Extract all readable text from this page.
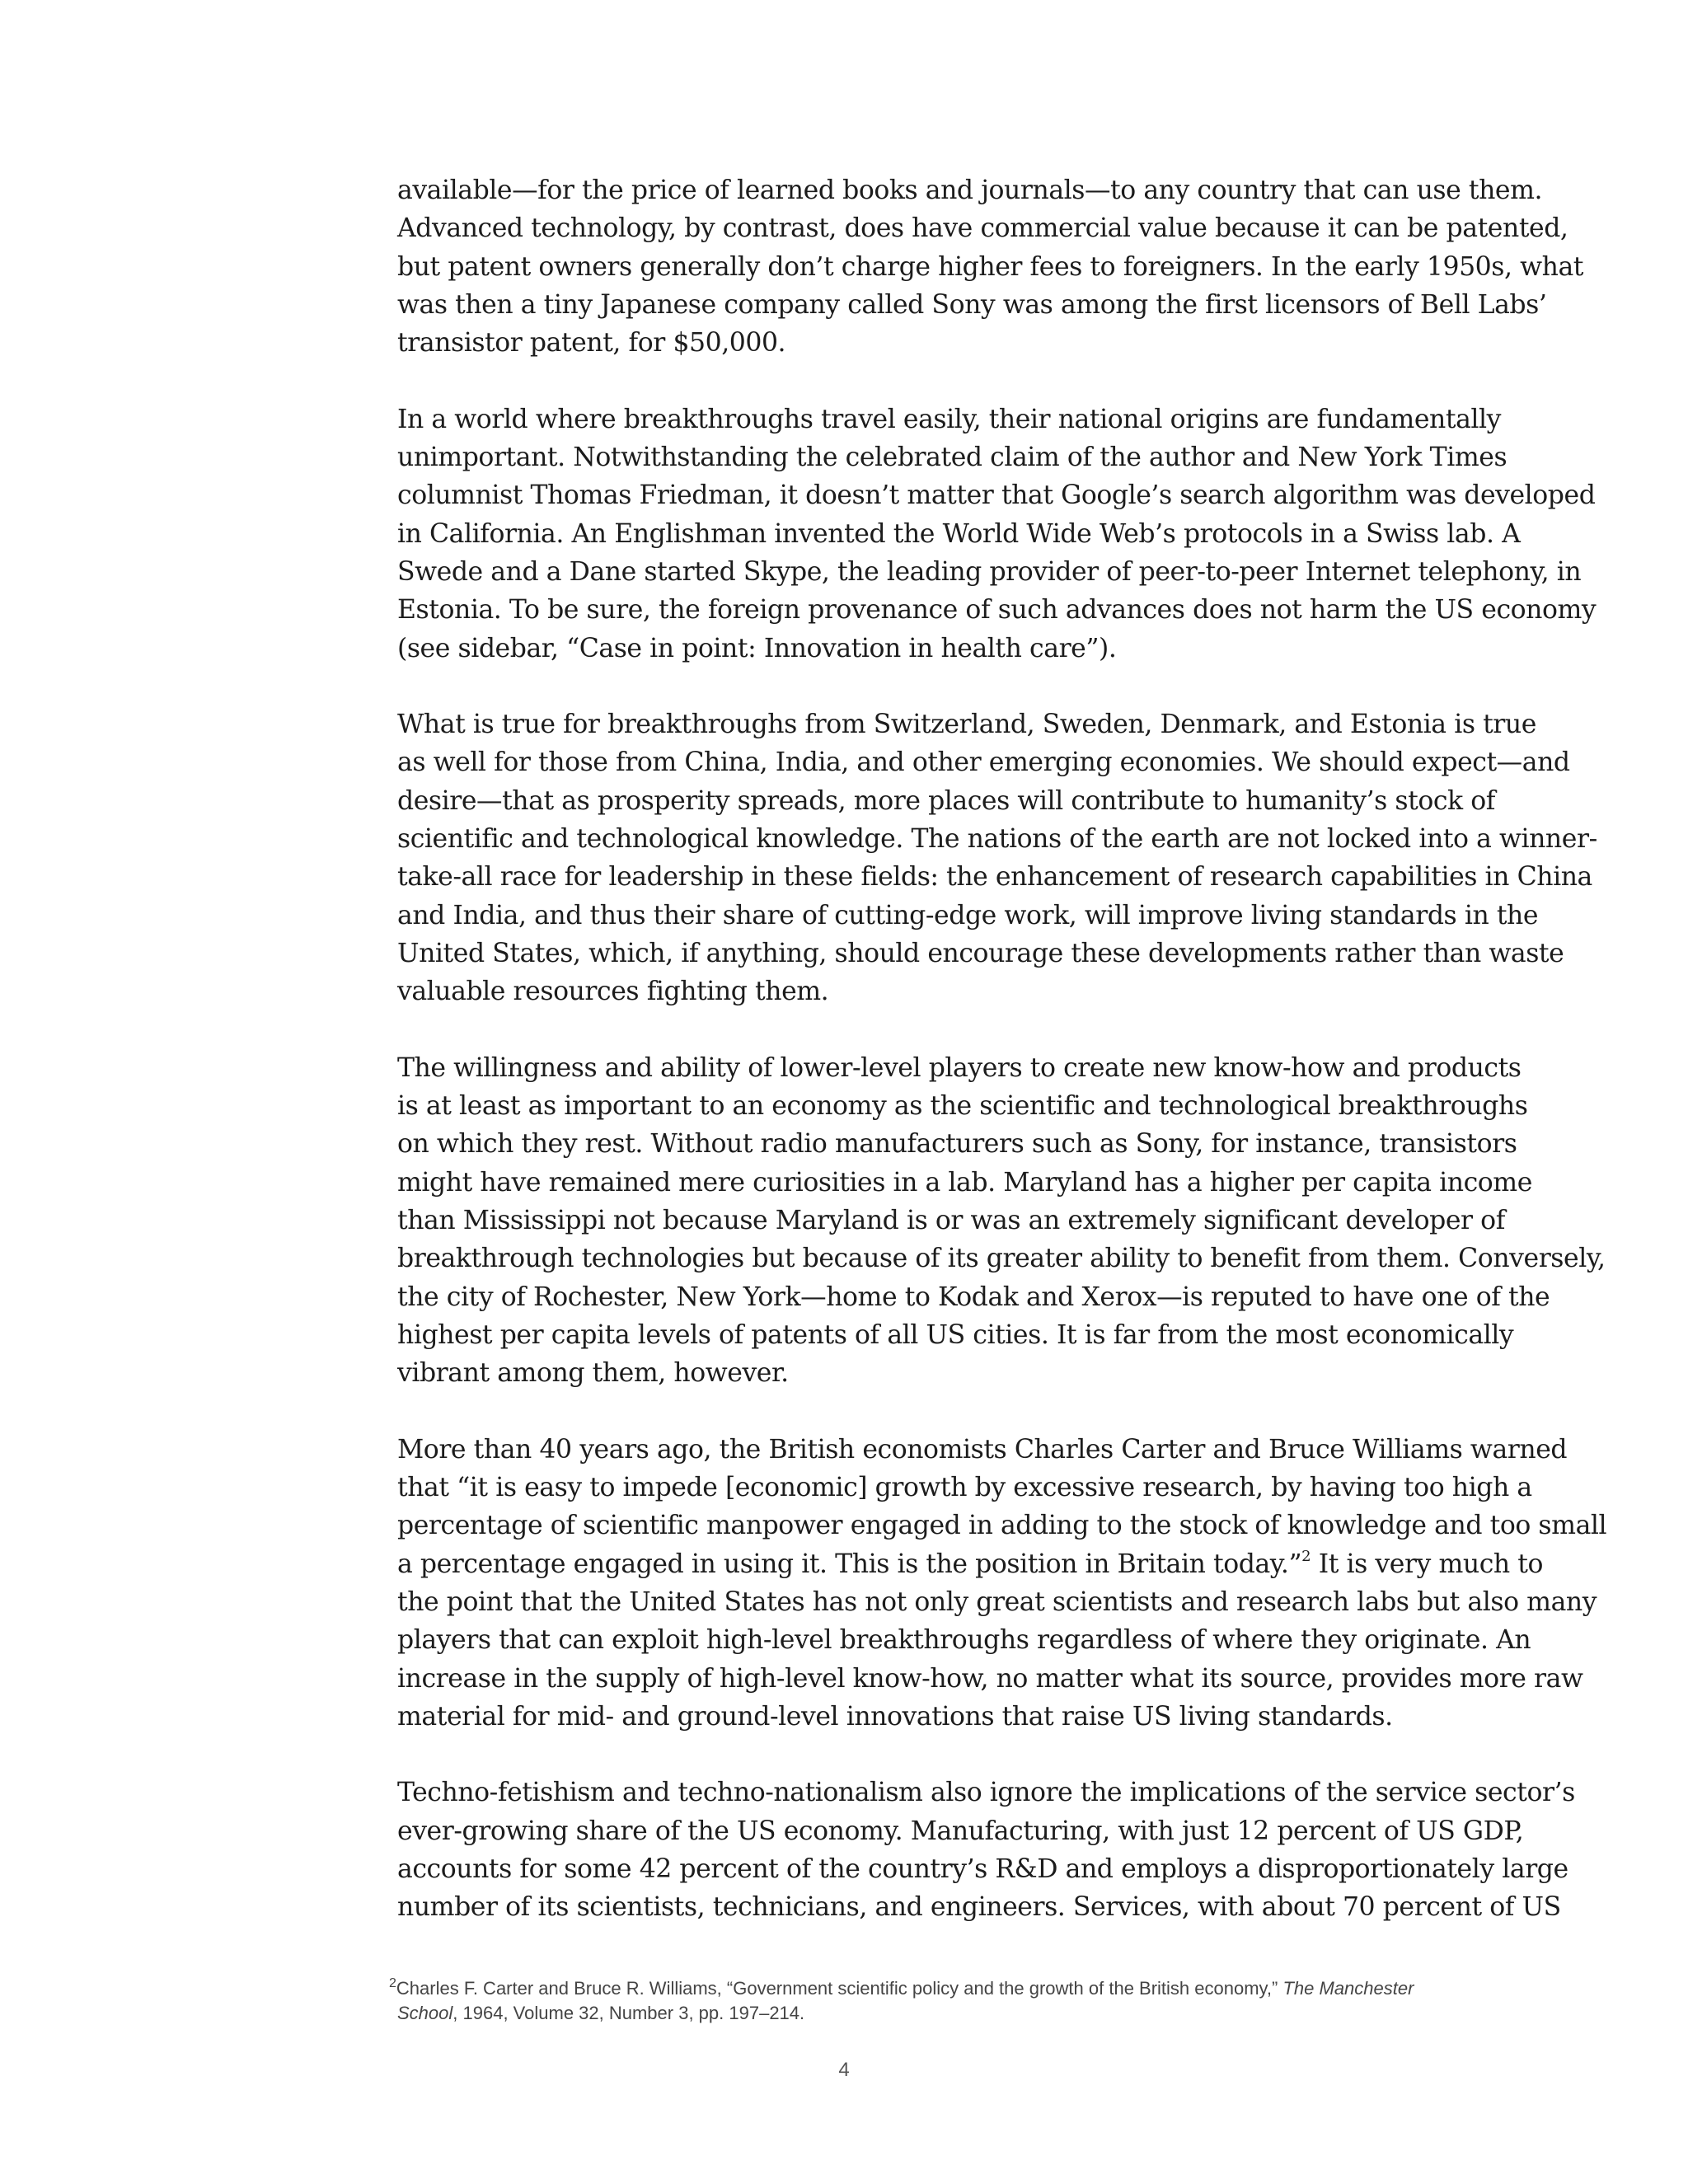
available—for the price of learned books and journals—to any country that can use them.
Advanced technology, by contrast, does have commercial value because it can be patented,
but patent owners generally don’t charge higher fees to foreigners. In the early 1950s, what
was then a tiny Japanese company called Sony was among the first licensors of Bell Labs’
transistor patent, for $50,000.

In a world where breakthroughs travel easily, their national origins are fundamentally
unimportant. Notwithstanding the celebrated claim of the author and New York Times
columnist Thomas Friedman, it doesn’t matter that Google’s search algorithm was developed
in California. An Englishman invented the World Wide Web’s protocols in a Swiss lab. A
Swede and a Dane started Skype, the leading provider of peer-to-peer Internet telephony, in
Estonia. To be sure, the foreign provenance of such advances does not harm the US economy
(see sidebar, “Case in point: Innovation in health care”).

What is true for breakthroughs from Switzerland, Sweden, Denmark, and Estonia is true
as well for those from China, India, and other emerging economies. We should expect—and
desire—that as prosperity spreads, more places will contribute to humanity’s stock of
scientific and technological knowledge. The nations of the earth are not locked into a winner-
take-all race for leadership in these fields: the enhancement of research capabilities in China
and India, and thus their share of cutting-edge work, will improve living standards in the
United States, which, if anything, should encourage these developments rather than waste
valuable resources fighting them.

The willingness and ability of lower-level players to create new know-how and products
is at least as important to an economy as the scientific and technological breakthroughs
on which they rest. Without radio manufacturers such as Sony, for instance, transistors
might have remained mere curiosities in a lab. Maryland has a higher per capita income
than Mississippi not because Maryland is or was an extremely significant developer of
breakthrough technologies but because of its greater ability to benefit from them. Conversely,
the city of Rochester, New York—home to Kodak and Xerox—is reputed to have one of the
highest per capita levels of patents of all US cities. It is far from the most economically
vibrant among them, however.

More than 40 years ago, the British economists Charles Carter and Bruce Williams warned
that “it is easy to impede [economic] growth by excessive research, by having too high a
percentage of scientific manpower engaged in adding to the stock of knowledge and too small
a percentage engaged in using it. This is the position in Britain today.”$^2$ It is very much to
the point that the United States has not only great scientists and research labs but also many
players that can exploit high-level breakthroughs regardless of where they originate. An
increase in the supply of high-level know-how, no matter what its source, provides more raw
material for mid- and ground-level innovations that raise US living standards.

Techno-fetishism and techno-nationalism also ignore the implications of the service sector’s
ever-growing share of the US economy. Manufacturing, with just 12 percent of US GDP,
accounts for some 42 percent of the country’s R&D and employs a disproportionately large
number of its scientists, technicians, and engineers. Services, with about 70 percent of US

$^2$Charles F. Carter and Bruce R. Williams, “Government scientific policy and the growth of the British economy,” The Manchester
School, 1964, Volume 32, Number 3, pp. 197–214.
4
